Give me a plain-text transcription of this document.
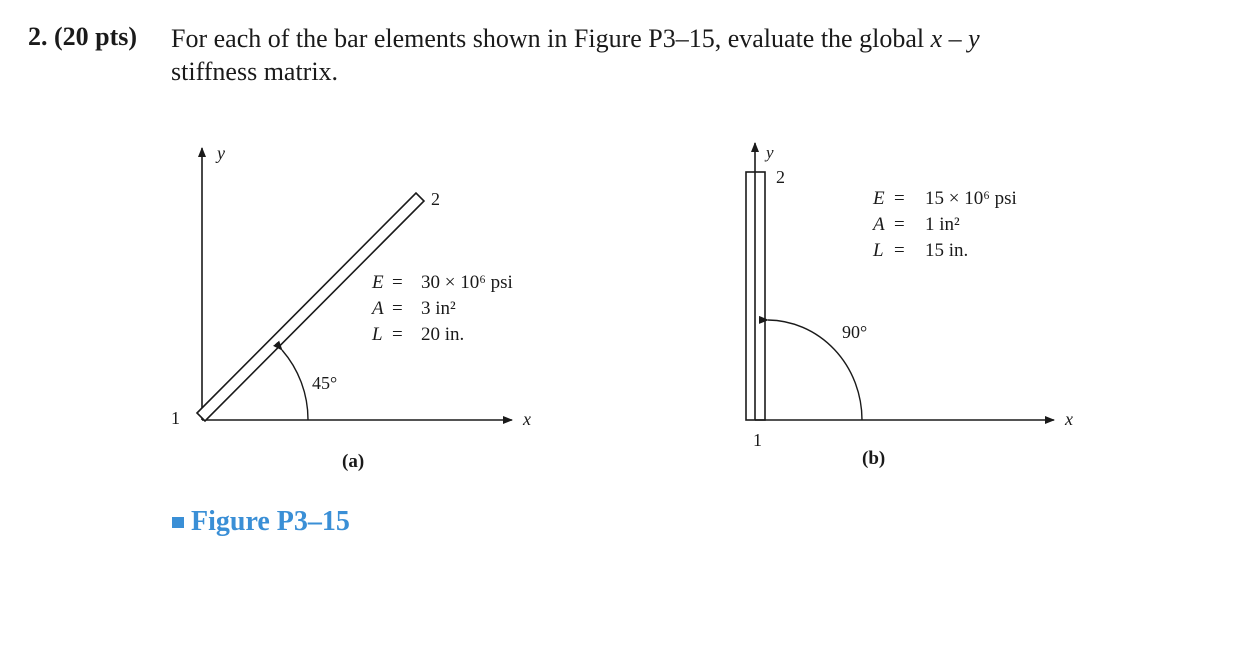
2. (20 pts) For each of the bar elements shown in Figure P3–15, evaluate the global x – y
stiffness matrix.
y
x
1
2
45°
E = 30 × 10⁶ psi
A = 3 in²
L = 20 in.
(a)
y
x
1
2
90°
E = 15 × 10⁶ psi
A = 1 in²
L = 15 in.
(b)
Figure P3–15
